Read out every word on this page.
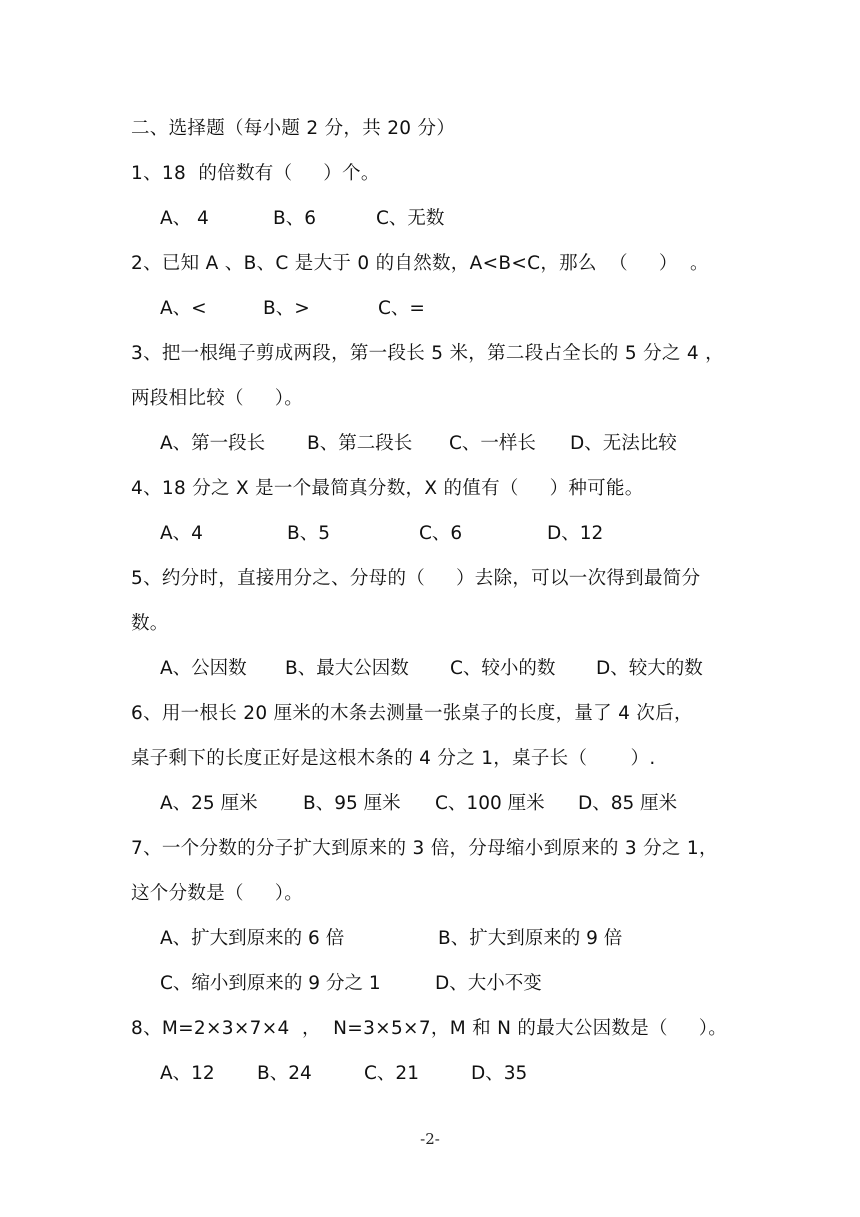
二、选择题（每小题 2 分，共 20 分）
1、18  的倍数有（     ）个。

A、 4

	B、6

	C、无数

2、已知 A 、B、C 是大于 0 的自然数，A<B<C，那么  （     ）  。

A、<

	B、>

	C、=

3、把一根绳子剪成两段，第一段长 5 米，第二段占全长的 5 分之 4 ，
两段相比较（     ）。

A、第一段长

B、第二段长

C、一样长

D、无法比较

4、18 分之 X 是一个最简真分数，X 的值有（     ）种可能。

A、4

	B、5

	C、6

	D、12

5、约分时，直接用分之、分母的（     ）去除，可以一次得到最简分
数。

A、公因数

B、最大公因数

C、较小的数

D、较大的数

6、用一根长 20 厘米的木条去测量一张桌子的长度，量了 4 次后，
桌子剩下的长度正好是这根木条的 4 分之 1，桌子长（       ）.

A、25 厘米

B、95 厘米

C、100 厘米

D、85 厘米

7、一个分数的分子扩大到原来的 3 倍，分母缩小到原来的 3 分之 1，
这个分数是（     ）。

A、扩大到原来的 6 倍

	B、扩大到原来的 9 倍

C、缩小到原来的 9 分之 1

	D、大小不变

8、M=2×3×7×4  ，  N=3×5×7，M 和 N 的最大公因数是（     ）。

A、12

B、24

	C、21

	D、35

-2-
